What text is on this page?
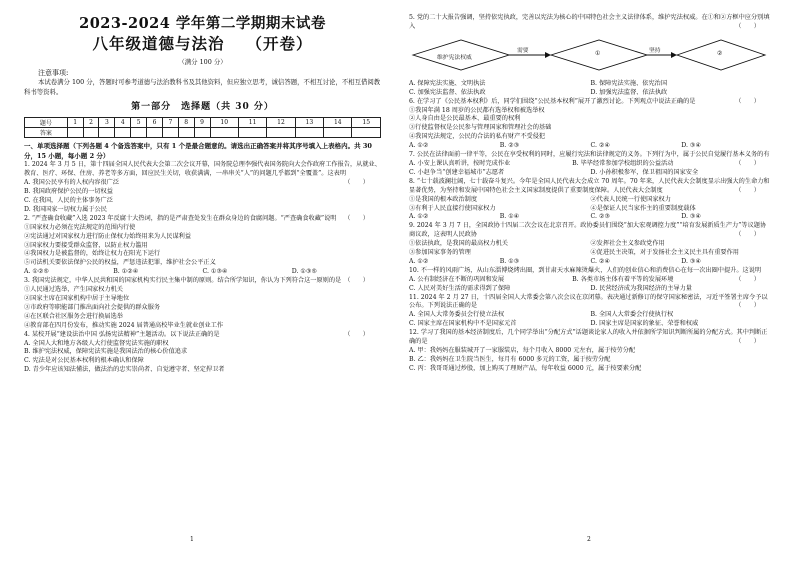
2023-2024 学年第二学期期末试卷
八年级道德与法治 （开卷）
（满分 100 分）
注意事项:

本试卷满分 100 分，答题时可参考道德与法治教科书及其他资料，但应独立思考，诚信答题，不相互讨论，不相互借阅教科书等资料。

第一部分　选择题（共 30 分）
题号	1	2	3	4	5	6	7	8	9	10	11	12	13	14	15
答案															

一、单项选择题（下列各题 4 个备选答案中，只有 1 个是最合题意的。请选出正确答案并将其序号填入上表格内。共 30 分，15 小题，每小题 2 分）

1. 2024 年 3 月 5 日，第十四届全国人民代表大会第二次会议开幕，国务院总理李强代表国务院向大会作政府工作报告，从就业、教育、医疗、环保、住房、养老等多方面，回应民生关切，收获满满，一串串关“人”的问题几乎都到“全覆盖”。这表明
（　　）

A. 我国公民享有的人权内容很广泛

B. 我国政府保护公民的一切权益

C. 在我国，人民的主体事务广泛

D. 我国国家一切权力属于公民

2. “严查确食收藏”入选 2023 年反腐十大热词，指的是严肃查处发生在群众身边的食腐问题。“严查确食收藏”说明 （　　）

①国家权力必须在宪法规定的范围内行使

②宪法通过对国家权力进行防止保权力始终用来为人民谋利益

③国家权力要接受群众监督，以防止权力滥用

④我国权力是被监督的，始终让权力在阳光下运行

⑤司法机关要依法保护公民的权益，严惩违法犯罪，维护社会公平正义

A. ①②⑤	B. ①②④	C. ①③④	D. ①③⑤

3. 我国宪法规定，中华人民共和国的国家机构实行民主集中制的原则。结合所学知识，你认为下列符合这一原则的是 （　　）

①人民通过选举，产生国家权力机关

②国家主席在国家机构中居于主导地位

③市政府等职能部门推出面向社会提供的群众服务

④在区联合社区服务会进行换届选举

④教育部在四月份发布，推动实施 2024 届普通高校毕业生就业创业工作

4. 某校开展“建设法治中国 弘扬宪法精神”主题活动。以下说法正确的是	（　　）

A. 全国人大和地方各级人大行使监督宪法实施的职权

B. 维护宪法权威，保障宪法实施是我国法治的核心价值追求

C. 宪法是对公民基本权利的根本确认和保障

D. 青少年应该知法懂法，做法治的忠实崇尚者、自觉遵守者、坚定捍卫者

1

5. 党的二十大报告强调，坚持依宪执政，完善以宪法为核心的中国特色社会主义法律体系，维护宪法权威。在①和②方框中应分别填入	（　　）

维护宪法权威
需要	①	坚持	②
A. 保障宪法实施、文明执法	B. 保障宪法实施、依宪治国
C. 加强宪法监督、依法执政	D. 加强宪法监督、依法执政

6. 在学习了《公民基本权利》后，同学们围绕“公民基本权利”展开了激烈讨论。下列观点中说法正确的是	（　　）

①我国年满 18 周岁的公民都有选举权和被选举权

②人身自由是公民最基本、最重要的权利

③行使监督权是公民参与管理国家和管理社会的基础

④我国宪法规定，公民的合法的私有财产不受侵犯

A. ①②	B. ②③	C. ②④	D. ③④

7. 公民在法律面前一律平等，公民在享受权利的同时，应履行宪法和法律规定的义务。下列行为中，属于公民自觉履行基本义务的有
（　　）

A. 小安上课认真听讲，按时完成作业	B. 毕毕经常参加学校组织的公益活动
C. 小赵争当“创建幸福城市”志愿者	D. 小孙积极参军，保卫祖国的国家安全

8. “七十载波澜壮阔，七十载奋斗复兴。今年是全国人民代表大会成立 70 周年。70 年来，人民代表大会制度显示出强大的生命力和显著优势，为坚持和发展中国特色社会主义国家制度提供了重要制度保障。人民代表大会制度	（　　）

①是我国的根本政治制度	②代表人民统一行使国家权力
③有利于人民直接行使国家权力	④是保证人民当家作主的重要制度载体
A. ①②	B. ①④	C. ②③	D. ③④

9. 2024 年 3 月 7 日，全国政协十四届二次会议在北京召开。政协委员们围绕“加大宏观调控力度”“培育发展新质生产力”等议题协商议政，这表明人民政协	（　　）

①依法执政，是我国的最高权力机关	②发挥社会主义参政党作用
③参加国家事务的管理	④促进民主决策，对于发扬社会主义民主具有重要作用
A. ①②	B. ①③	C. ②④	D. ③④

10. 不一样的风雨广场，从山东淄博烧烤出圈，到甘肃天水麻辣烫爆火，人们的创业信心和消费信心在每一次出圈中提升。这说明
（　　）

A. 公有制经济在不断的巩固和发展	B. 各类市场主体有着平等的发展环境
C. 人民对美好生活的需求得到了保障	D. 民营经济成为我国经济的主导力量

11. 2024 年 2 月 27 日，十四届全国人大常委会第八次会议在京闭幕。表决通过新修订的保守国家秘密法，习近平签署主席令予以公布。下列说法正确的是	（　　）

A. 全国人大常务委员会行使立法权	B. 全国人大常委会行使执行权
C. 国家主席在国家机构中不是国家元首	D. 国家主席是国家的象征、荣誉和权威

12. 学习了我国的基本经济制度后，几个同学举出“分配方式”话题谈论家人的收入并依据所学知识判断所属的分配方式。其中判断正确的是	（　　）

A. 甲：我妈妈在服装城开了一家服装店，每个月收入 8000 元左右，属于按劳分配

B. 乙：我妈妈在卫生院当医生，每月有 6000 多元的工资，属于按劳分配

C. 丙：我哥哥通过炒股，加上购买了理财产品，每年收益 6000 元，属于按要素分配

2
